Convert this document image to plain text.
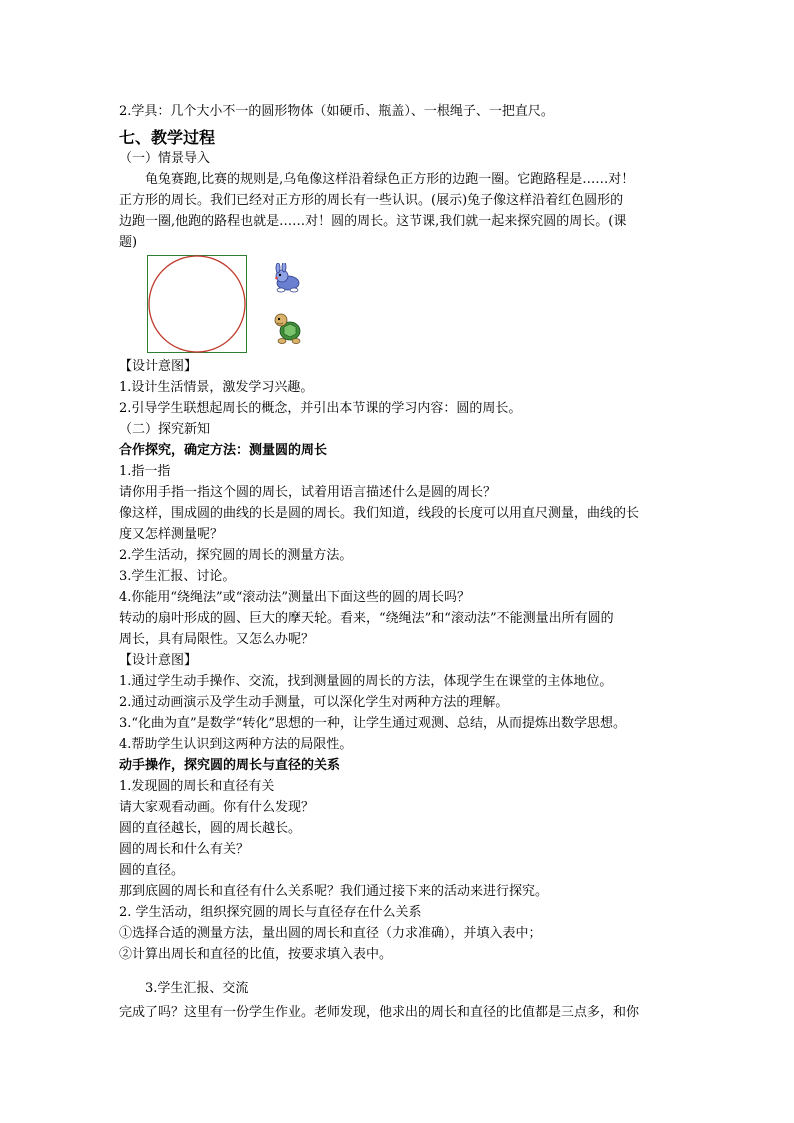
2.学具：几个大小不一的圆形物体（如硬币、瓶盖）、一根绳子、一把直尺。

七、教学过程

（一）情景导入

　　龟兔赛跑,比赛的规则是,乌龟像这样沿着绿色正方形的边跑一圈。它跑路程是……对！

正方形的周长。我们已经对正方形的周长有一些认识。(展示)兔子像这样沿着红色圆形的

边跑一圈,他跑的路程也就是……对！圆的周长。这节课,我们就一起来探究圆的周长。(课

题)

【设计意图】

1.设计生活情景，激发学习兴趣。

2.引导学生联想起周长的概念，并引出本节课的学习内容：圆的周长。

（二）探究新知

合作探究，确定方法：测量圆的周长

1.指一指

请你用手指一指这个圆的周长，试着用语言描述什么是圆的周长？

像这样，围成圆的曲线的长是圆的周长。我们知道，线段的长度可以用直尺测量，曲线的长

度又怎样测量呢？

2.学生活动，探究圆的周长的测量方法。

3.学生汇报、讨论。

4.你能用“绕绳法”或“滚动法”测量出下面这些的圆的周长吗？

转动的扇叶形成的圆、巨大的摩天轮。看来，“绕绳法”和“滚动法”不能测量出所有圆的

周长，具有局限性。又怎么办呢？

【设计意图】

1.通过学生动手操作、交流，找到测量圆的周长的方法，体现学生在课堂的主体地位。

2.通过动画演示及学生动手测量，可以深化学生对两种方法的理解。

3.“化曲为直”是数学“转化”思想的一种，让学生通过观测、总结，从而提炼出数学思想。

4.帮助学生认识到这两种方法的局限性。

动手操作，探究圆的周长与直径的关系

1.发现圆的周长和直径有关

请大家观看动画。你有什么发现？

圆的直径越长，圆的周长越长。

圆的周长和什么有关？

圆的直径。

那到底圆的周长和直径有什么关系呢？我们通过接下来的活动来进行探究。

2. 学生活动，组织探究圆的周长与直径存在什么关系

①选择合适的测量方法，量出圆的周长和直径（力求准确），并填入表中；

②计算出周长和直径的比值，按要求填入表中。

　　3.学生汇报、交流

完成了吗？这里有一份学生作业。老师发现，他求出的周长和直径的比值都是三点多，和你
